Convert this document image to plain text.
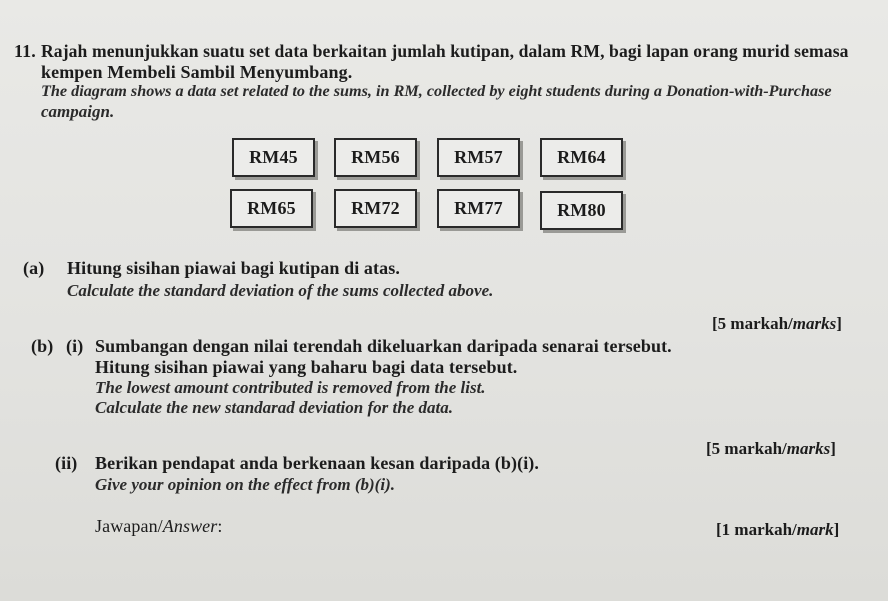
11. Rajah menunjukkan suatu set data berkaitan jumlah kutipan, dalam RM, bagi lapan orang murid semasa
kempen Membeli Sambil Menyumbang.
The diagram shows a data set related to the sums, in RM, collected by eight students during a Donation-with-Purchase
campaign.
RM45	RM56	RM57	RM64
RM65	RM72	RM77	RM80
(a) Hitung sisihan piawai bagi kutipan di atas.
Calculate the standard deviation of the sums collected above.
[5 markah/marks]
(b) (i) Sumbangan dengan nilai terendah dikeluarkan daripada senarai tersebut.
Hitung sisihan piawai yang baharu bagi data tersebut.
The lowest amount contributed is removed from the list.
Calculate the new standarad deviation for the data.
[5 markah/marks]
(ii) Berikan pendapat anda berkenaan kesan daripada (b)(i).
Give your opinion on the effect from (b)(i).
Jawapan/Answer:	[1 markah/mark]
